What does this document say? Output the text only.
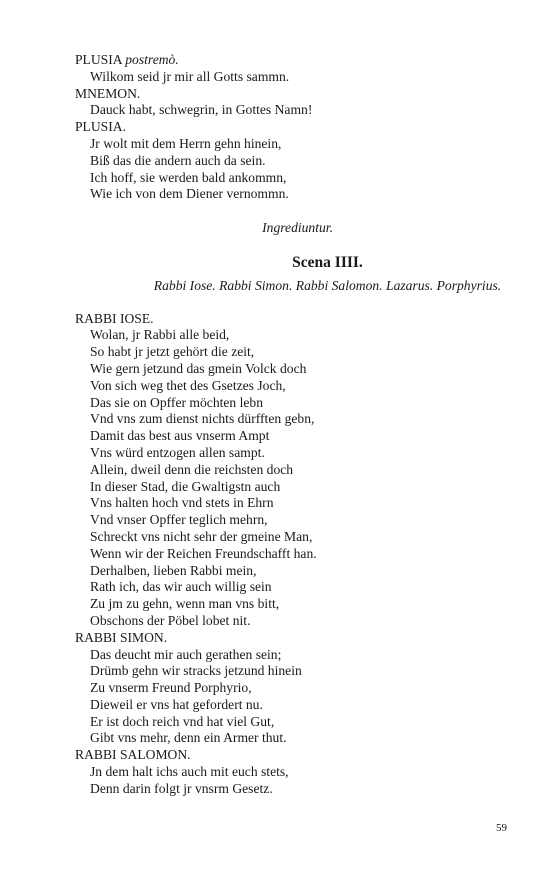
PLUSIA postremò.
Wilkom seid jr mir all Gotts sammn.
MNEMON.
Dauck habt, schwegrin, in Gottes Namn!
PLUSIA.
Jr wolt mit dem Herrn gehn hinein,
Biß das die andern auch da sein.
Ich hoff, sie werden bald ankommn,
Wie ich von dem Diener vernommn.
Ingrediuntur.
Scena IIII.
Rabbi Iose. Rabbi Simon. Rabbi Salomon. Lazarus. Porphyrius.
RABBI IOSE.
Wolan, jr Rabbi alle beid,
So habt jr jetzt gehört die zeit,
Wie gern jetzund das gmein Volck doch
Von sich weg thet des Gsetzes Joch,
Das sie on Opffer möchten lebn
Vnd vns zum dienst nichts dürfften gebn,
Damit das best aus vnserm Ampt
Vns würd entzogen allen sampt.
Allein, dweil denn die reichsten doch
In dieser Stad, die Gwaltigstn auch
Vns halten hoch vnd stets in Ehrn
Vnd vnser Opffer teglich mehrn,
Schreckt vns nicht sehr der gmeine Man,
Wenn wir der Reichen Freundschafft han.
Derhalben, lieben Rabbi mein,
Rath ich, das wir auch willig sein
Zu jm zu gehn, wenn man vns bitt,
Obschons der Pöbel lobet nit.
RABBI SIMON.
Das deucht mir auch gerathen sein;
Drümb gehn wir stracks jetzund hinein
Zu vnserm Freund Porphyrio,
Dieweil er vns hat gefordert nu.
Er ist doch reich vnd hat viel Gut,
Gibt vns mehr, denn ein Armer thut.
RABBI SALOMON.
Jn dem halt ichs auch mit euch stets,
Denn darin folgt jr vnsrm Gesetz.
59
